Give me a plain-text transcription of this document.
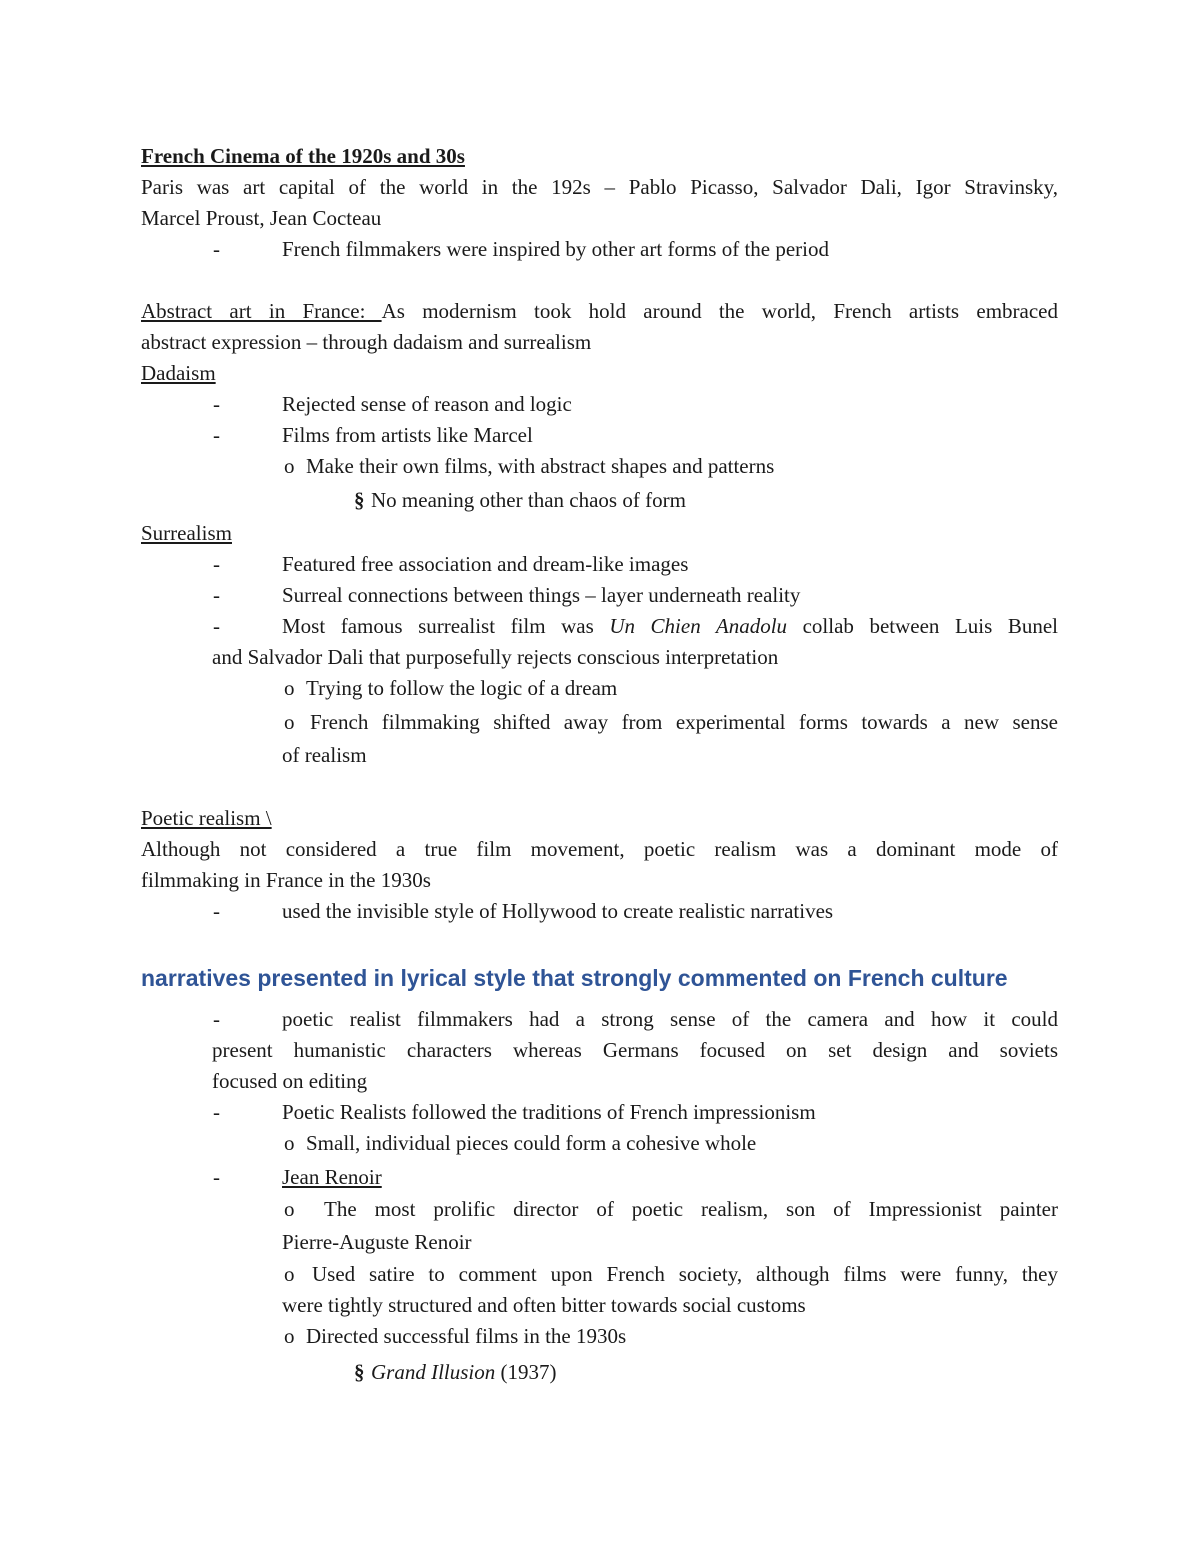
French Cinema of the 1920s and 30s
Paris was art capital of the world in the 192s – Pablo Picasso, Salvador Dali, Igor Stravinsky,
Marcel Proust, Jean Cocteau
-	French filmmakers were inspired by other art forms of the period
Abstract art in France: As modernism took hold around the world, French artists embraced
abstract expression – through dadaism and surrealism
Dadaism
-	Rejected sense of reason and logic
-	Films from artists like Marcel
o Make their own films, with abstract shapes and patterns
§ No meaning other than chaos of form
Surrealism
-	Featured free association and dream-like images
-	Surreal connections between things – layer underneath reality
-	Most famous surrealist film was Un Chien Anadolu collab between Luis Bunel
and Salvador Dali that purposefully rejects conscious interpretation
o Trying to follow the logic of a dream
o French filmmaking shifted away from experimental forms towards a new sense
of realism
Poetic realism \
Although not considered a true film movement, poetic realism was a dominant mode of
filmmaking in France in the 1930s
-	used the invisible style of Hollywood to create realistic narratives
narratives presented in lyrical style that strongly commented on French culture
-	poetic realist filmmakers had a strong sense of the camera and how it could
present humanistic characters whereas Germans focused on set design and soviets
focused on editing
-	Poetic Realists followed the traditions of French impressionism
o Small, individual pieces could form a cohesive whole
-	Jean Renoir
o The most prolific director of poetic realism, son of Impressionist painter
Pierre-Auguste Renoir
o Used satire to comment upon French society, although films were funny, they
were tightly structured and often bitter towards social customs
o Directed successful films in the 1930s
§ Grand Illusion (1937)
